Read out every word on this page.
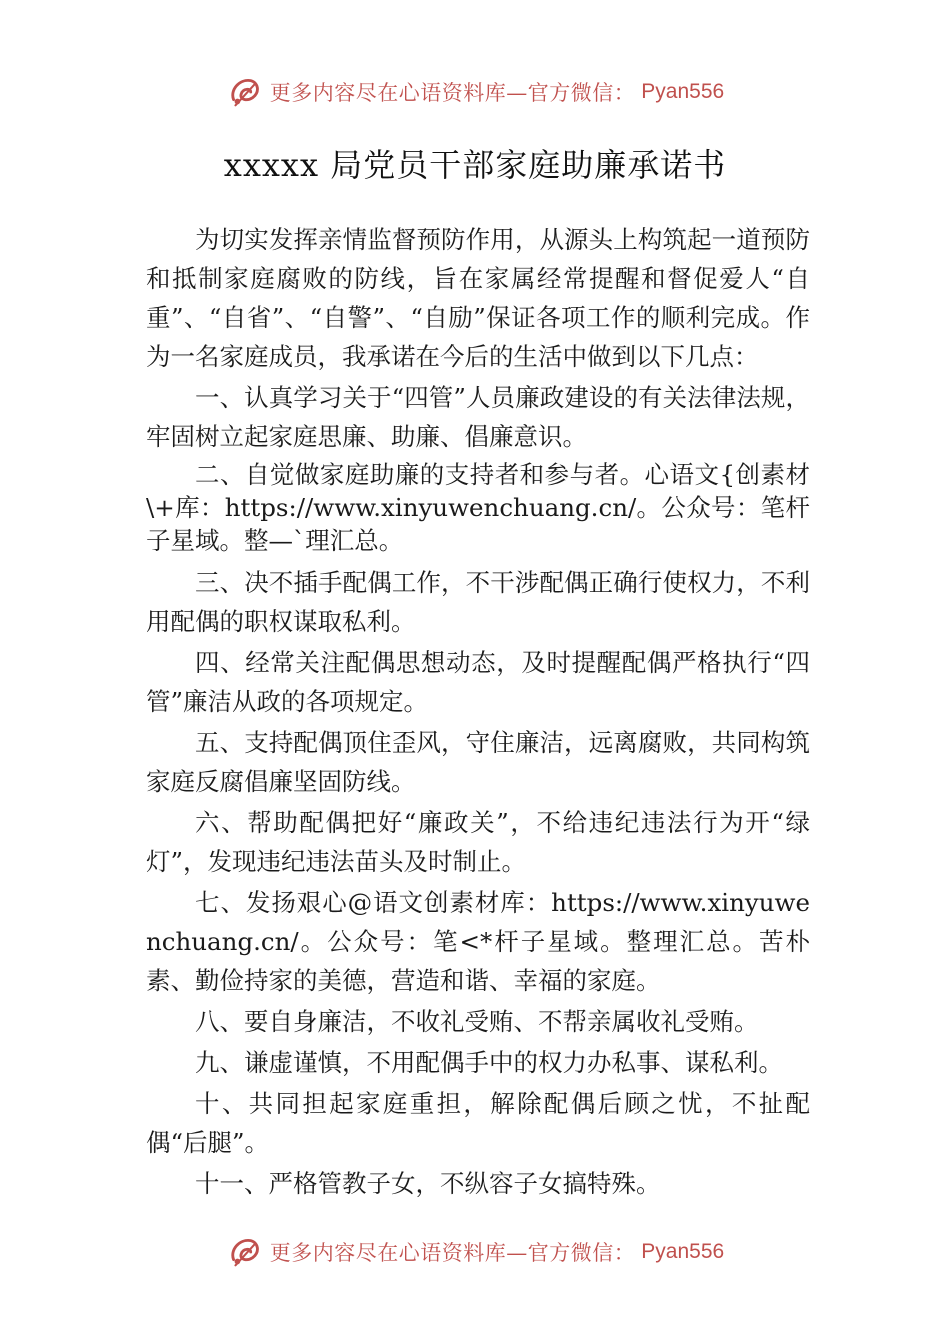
更多内容尽在心语资料库—官方微信： Pyan556
xxxxx 局党员干部家庭助廉承诺书

为切实发挥亲情监督预防作用，从源头上构筑起一道预防和抵制家庭腐败的防线，旨在家属经常提醒和督促爱人“自重”、“自省”、“自警”、“自励”保证各项工作的顺利完成。作为一名家庭成员，我承诺在今后的生活中做到以下几点：

一、认真学习关于“四管”人员廉政建设的有关法律法规，牢固树立起家庭思廉、助廉、倡廉意识。

二、自觉做家庭助廉的支持者和参与者。心语文{创素材\+库：https://www.xinyuwenchuang.cn/。公众号：笔杆子星域。整—`理汇总。

三、决不插手配偶工作，不干涉配偶正确行使权力，不利用配偶的职权谋取私利。

四、经常关注配偶思想动态，及时提醒配偶严格执行“四管”廉洁从政的各项规定。

五、支持配偶顶住歪风，守住廉洁，远离腐败，共同构筑家庭反腐倡廉坚固防线。

六、帮助配偶把好“廉政关”，不给违纪违法行为开“绿灯”，发现违纪违法苗头及时制止。

七、发扬艰心@语文创素材库：https://www.xinyuwenchuang.cn/。公众号：笔<*杆子星域。整理汇总。苦朴素、勤俭持家的美德，营造和谐、幸福的家庭。

八、要自身廉洁，不收礼受贿、不帮亲属收礼受贿。

九、谦虚谨慎，不用配偶手中的权力办私事、谋私利。

十、共同担起家庭重担，解除配偶后顾之忧，不扯配偶“后腿”。

十一、严格管教子女，不纵容子女搞特殊。

更多内容尽在心语资料库—官方微信： Pyan556
